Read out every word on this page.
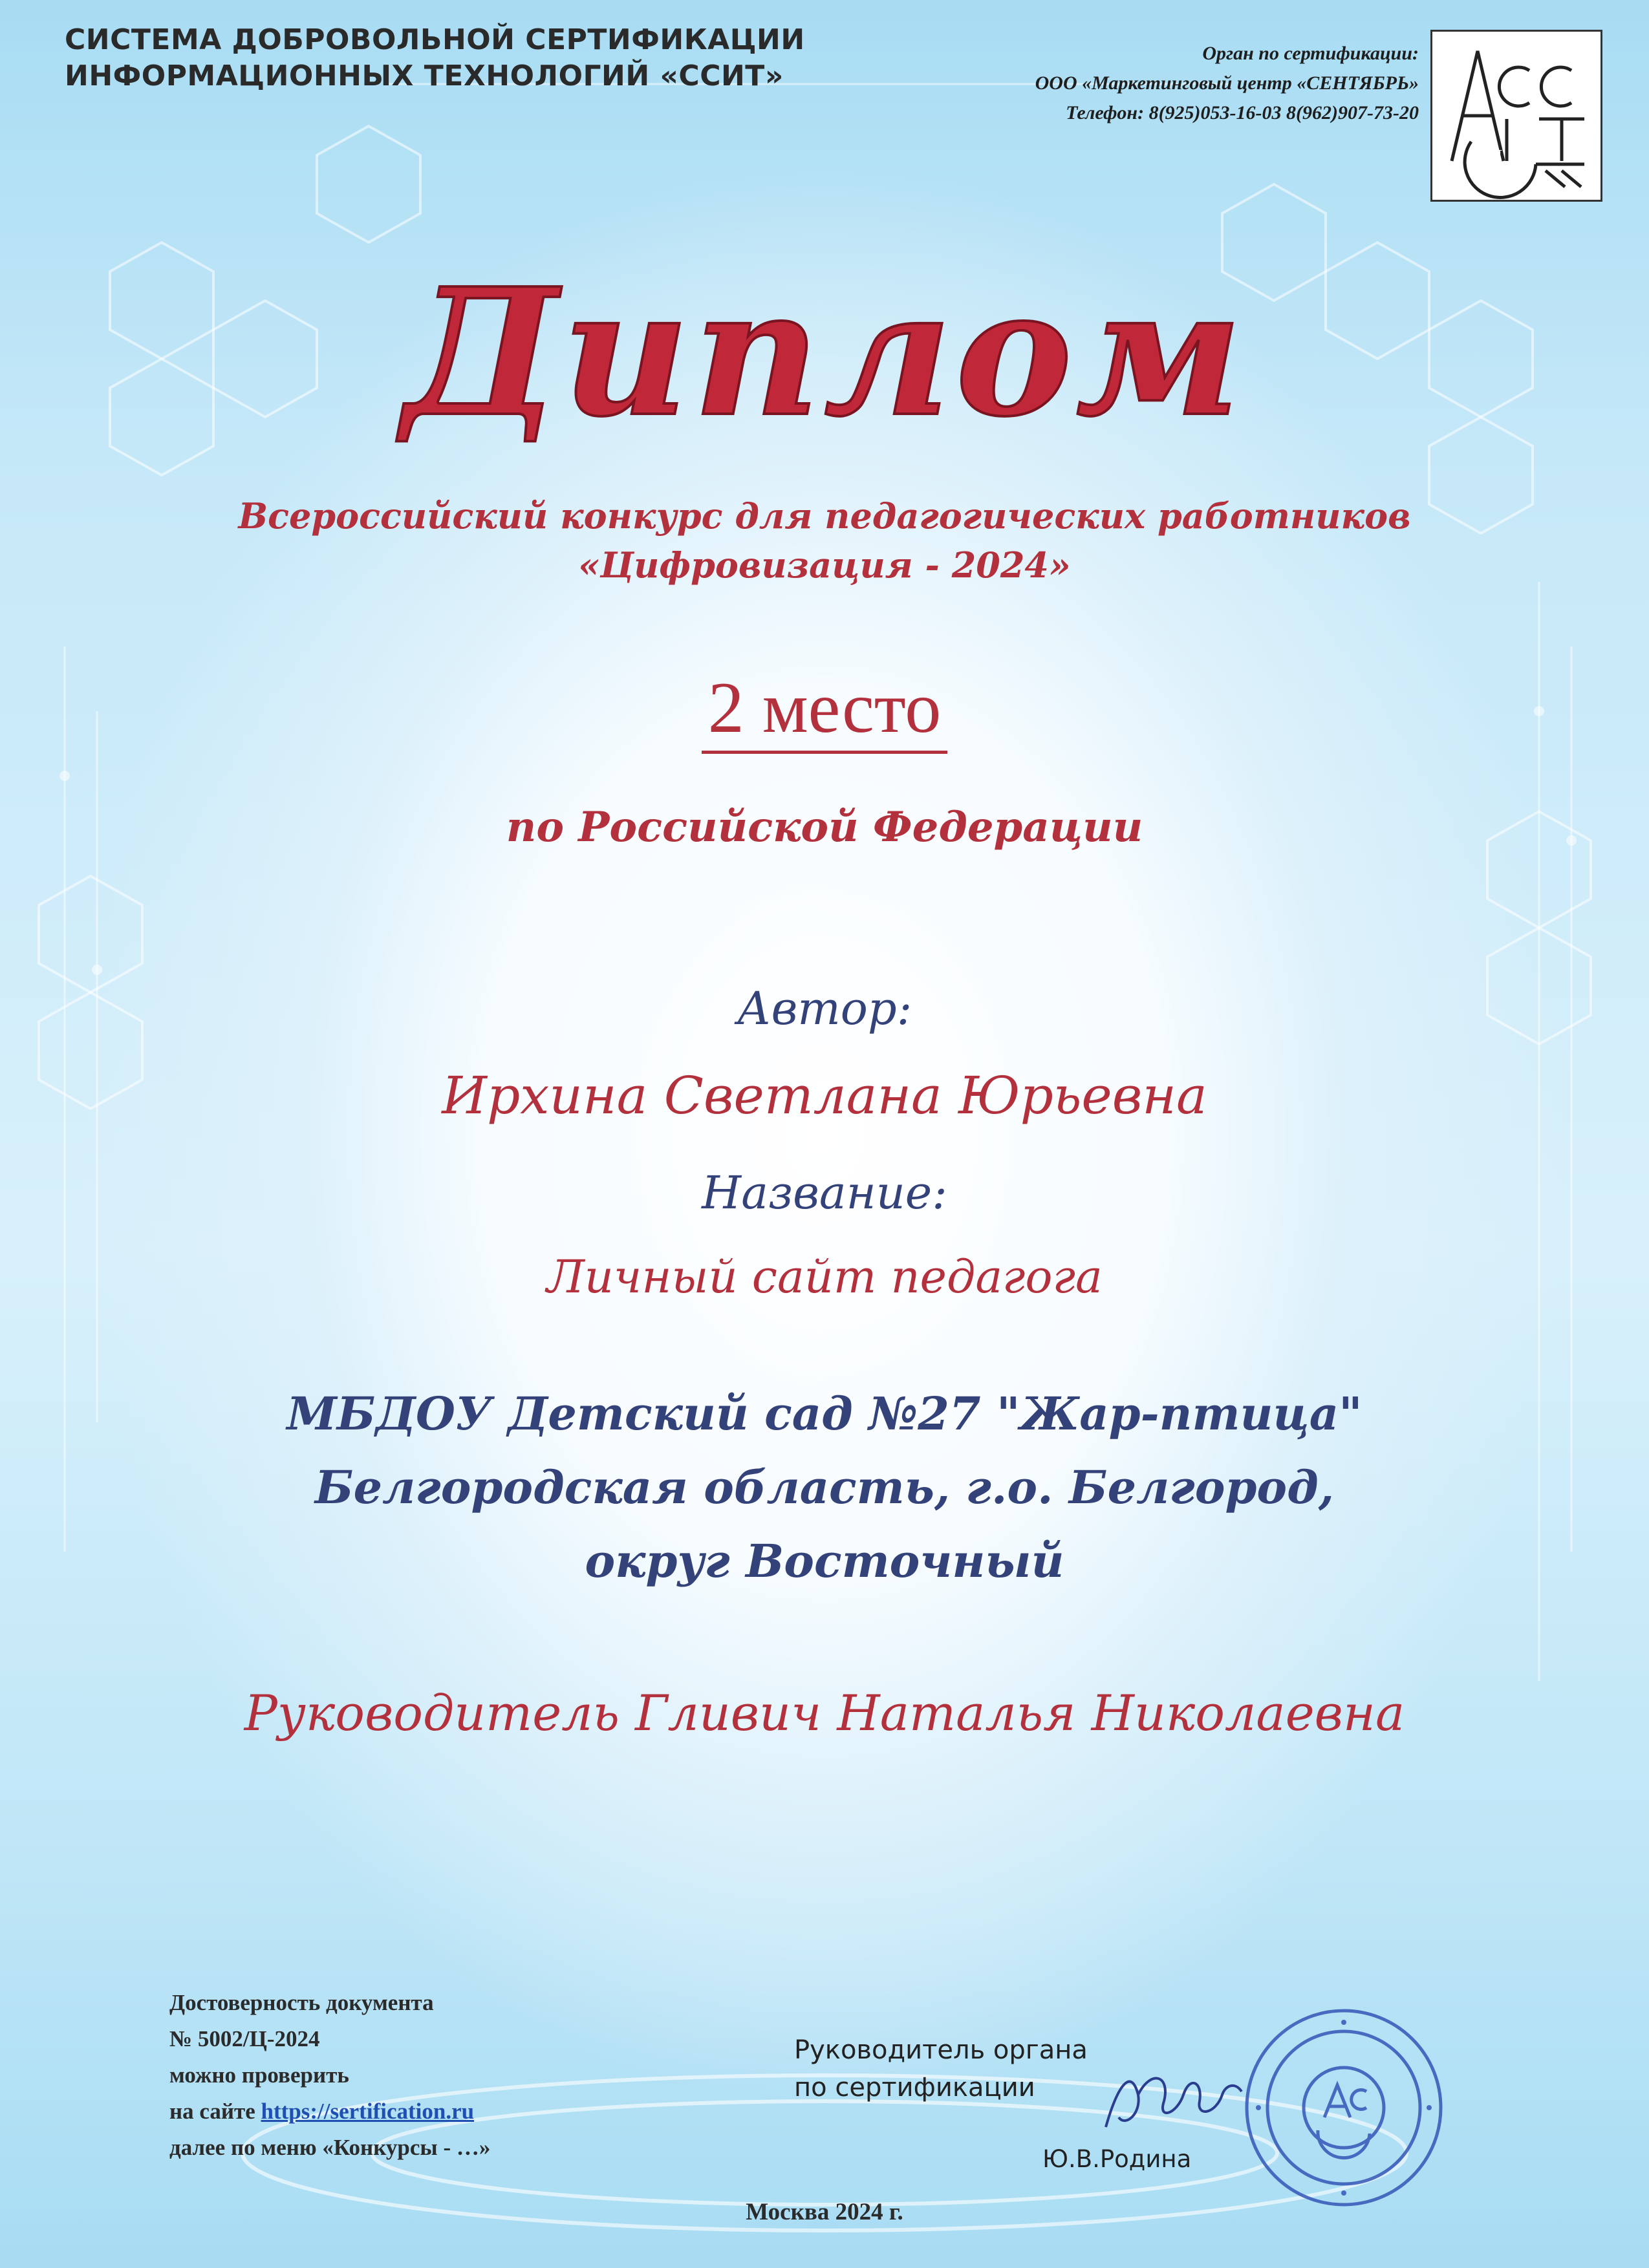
СИСТЕМА ДОБРОВОЛЬНОЙ СЕРТИФИКАЦИИ
ИНФОРМАЦИОННЫХ ТЕХНОЛОГИЙ «ССИТ»
Орган по сертификации:
ООО «Маркетинговый центр «СЕНТЯБРЬ»
Телефон: 8(925)053-16-03 8(962)907-73-20
ССИТ
Диплом
Всероссийский конкурс для педагогических работников
«Цифровизация - 2024»
2 место
по Российской Федерации
Автор:
Ирхина Светлана Юрьевна
Название:
Личный сайт педагога
МБДОУ Детский сад №27 "Жар-птица"
Белгородская область, г.о. Белгород,
округ Восточный
Руководитель Гливич Наталья Николаевна
Достоверность документа
№ 5002/Ц-2024
можно проверить
на сайте https://sertification.ru
далее по меню «Конкурсы - …»
Руководитель органа
по сертификации
Ю.В.Родина
Москва 2024 г.
